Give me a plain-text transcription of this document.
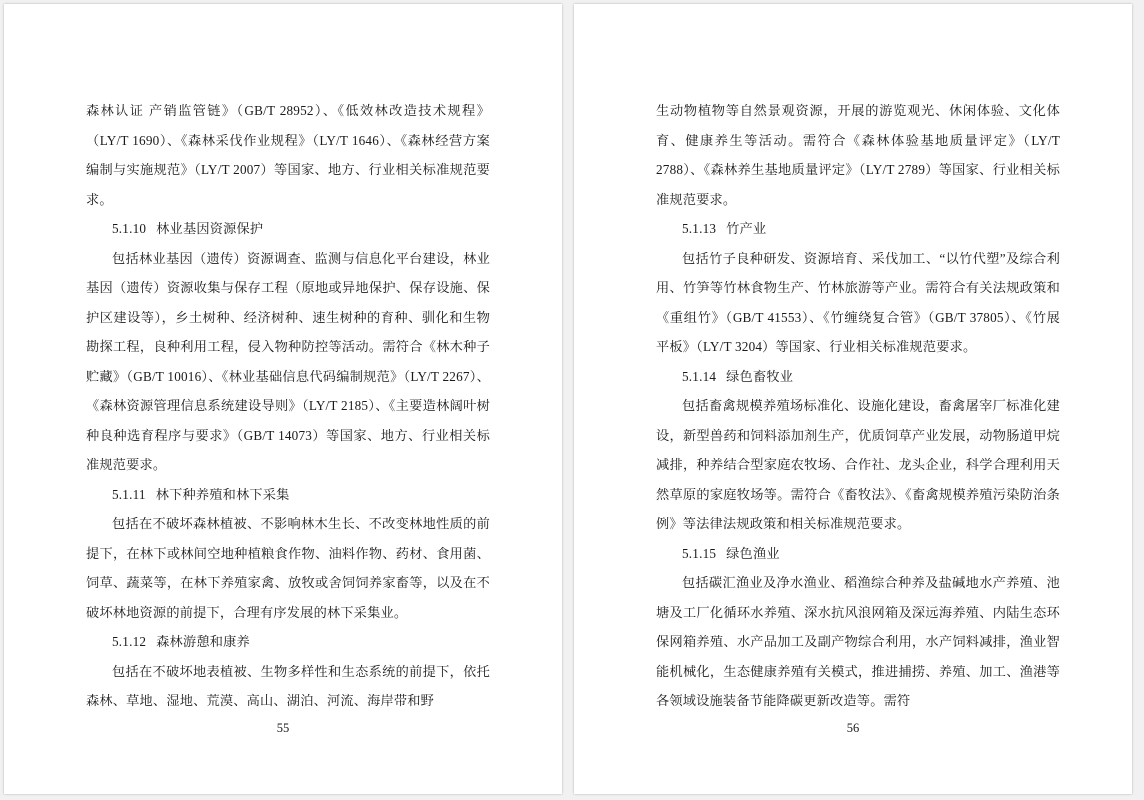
森林认证 产销监管链》（GB/T 28952）、《低效林改造技术规程》（LY/T 1690）、《森林采伐作业规程》（LY/T 1646）、《森林经营方案编制与实施规范》（LY/T 2007）等国家、地方、行业相关标准规范要求。

5.1.10 林业基因资源保护

包括林业基因（遗传）资源调查、监测与信息化平台建设，林业基因（遗传）资源收集与保存工程（原地或异地保护、保存设施、保护区建设等），乡土树种、经济树种、速生树种的育种、驯化和生物勘探工程，良种利用工程，侵入物种防控等活动。需符合《林木种子贮藏》（GB/T 10016）、《林业基础信息代码编制规范》（LY/T 2267）、《森林资源管理信息系统建设导则》（LY/T 2185）、《主要造林阔叶树种良种选育程序与要求》（GB/T 14073）等国家、地方、行业相关标准规范要求。

5.1.11 林下种养殖和林下采集

包括在不破坏森林植被、不影响林木生长、不改变林地性质的前提下，在林下或林间空地种植粮食作物、油料作物、药材、食用菌、饲草、蔬菜等，在林下养殖家禽、放牧或舍饲饲养家畜等，以及在不破坏林地资源的前提下，合理有序发展的林下采集业。

5.1.12 森林游憩和康养

包括在不破坏地表植被、生物多样性和生态系统的前提下，依托森林、草地、湿地、荒漠、高山、湖泊、河流、海岸带和野

55

生动物植物等自然景观资源，开展的游览观光、休闲体验、文化体育、健康养生等活动。需符合《森林体验基地质量评定》（LY/T 2788）、《森林养生基地质量评定》（LY/T 2789）等国家、行业相关标准规范要求。

5.1.13 竹产业

包括竹子良种研发、资源培育、采伐加工、“以竹代塑”及综合利用、竹笋等竹林食物生产、竹林旅游等产业。需符合有关法规政策和《重组竹》（GB/T 41553）、《竹缠绕复合管》（GB/T 37805）、《竹展平板》（LY/T 3204）等国家、行业相关标准规范要求。

5.1.14 绿色畜牧业

包括畜禽规模养殖场标准化、设施化建设，畜禽屠宰厂标准化建设，新型兽药和饲料添加剂生产，优质饲草产业发展，动物肠道甲烷减排，种养结合型家庭农牧场、合作社、龙头企业，科学合理利用天然草原的家庭牧场等。需符合《畜牧法》、《畜禽规模养殖污染防治条例》等法律法规政策和相关标准规范要求。

5.1.15 绿色渔业

包括碳汇渔业及净水渔业、稻渔综合种养及盐碱地水产养殖、池塘及工厂化循环水养殖、深水抗风浪网箱及深远海养殖、内陆生态环保网箱养殖、水产品加工及副产物综合利用，水产饲料减排，渔业智能机械化，生态健康养殖有关模式，推进捕捞、养殖、加工、渔港等各领域设施装备节能降碳更新改造等。需符

56
